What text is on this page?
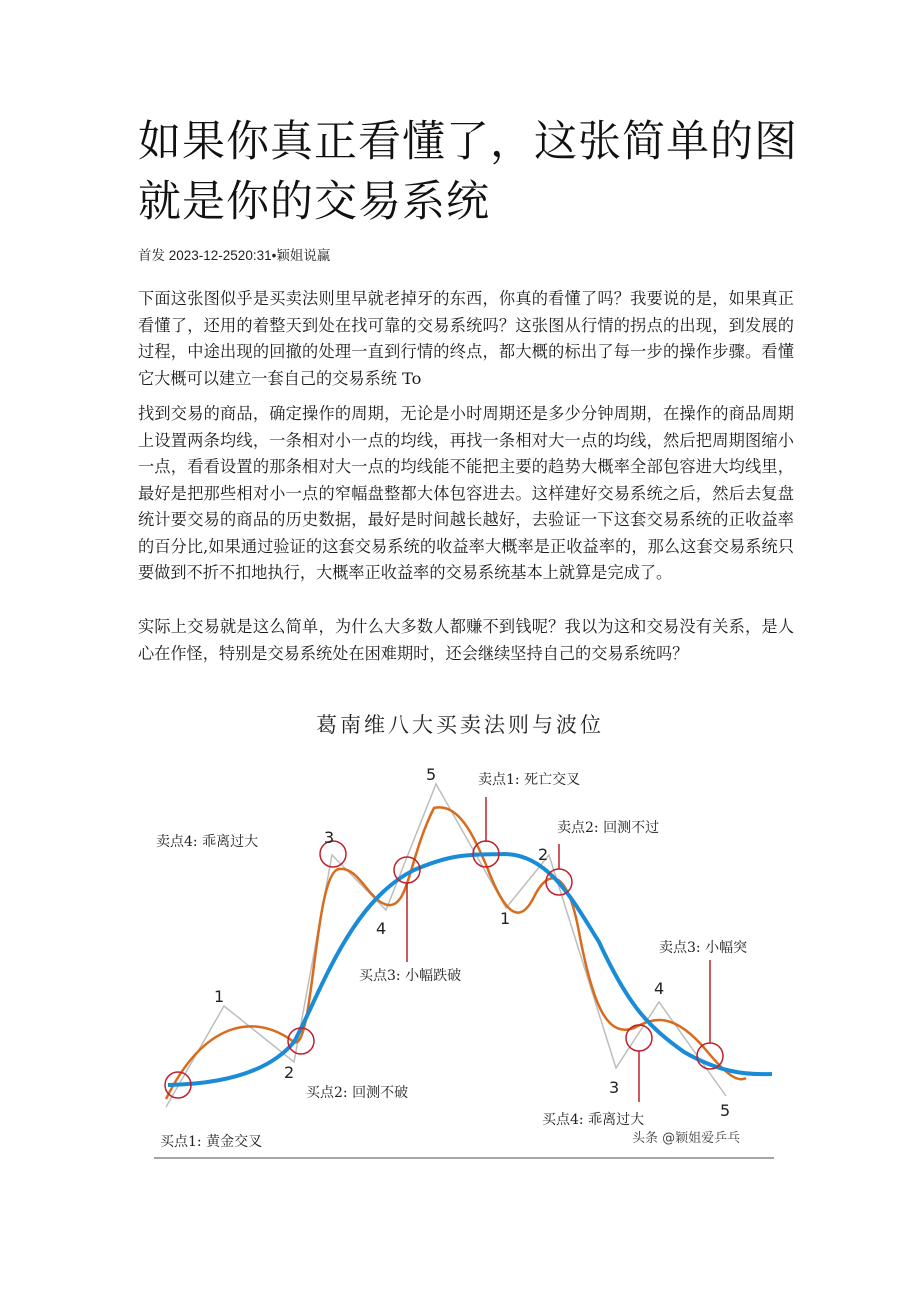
如果你真正看懂了，这张简单的图就是你的交易系统
首发 2023-12-2520:31•颖姐说赢

下面这张图似乎是买卖法则里早就老掉牙的东西，你真的看懂了吗？我要说的是，如果真正看懂了，还用的着整天到处在找可靠的交易系统吗？这张图从行情的拐点的出现，到发展的过程，中途出现的回撤的处理一直到行情的终点，都大概的标出了每一步的操作步骤。看懂它大概可以建立一套自己的交易系统 To

找到交易的商品，确定操作的周期，无论是小时周期还是多少分钟周期，在操作的商品周期上设置两条均线，一条相对小一点的均线，再找一条相对大一点的均线，然后把周期图缩小一点，看看设置的那条相对大一点的均线能不能把主要的趋势大概率全部包容进大均线里，最好是把那些相对小一点的窄幅盘整都大体包容进去。这样建好交易系统之后，然后去复盘统计要交易的商品的历史数据，最好是时间越长越好，去验证一下这套交易系统的正收益率的百分比,如果通过验证的这套交易系统的收益率大概率是正收益率的，那么这套交易系统只要做到不折不扣地执行，大概率正收益率的交易系统基本上就算是完成了。

实际上交易就是这么简单，为什么大多数人都赚不到钱呢？我以为这和交易没有关系，是人心在作怪，特别是交易系统处在困难期时，还会继续坚持自己的交易系统吗？

葛南维八大买卖法则与波位
1
2
3
4
5
1
2
3
4
5
买点1: 黄金交叉
买点2: 回测不破
买点3: 小幅跌破
买点4: 乖离过大
卖点1: 死亡交叉
卖点2: 回测不过
卖点3: 小幅突
卖点4: 乖离过大
头条 @颖姐爱乒乓
